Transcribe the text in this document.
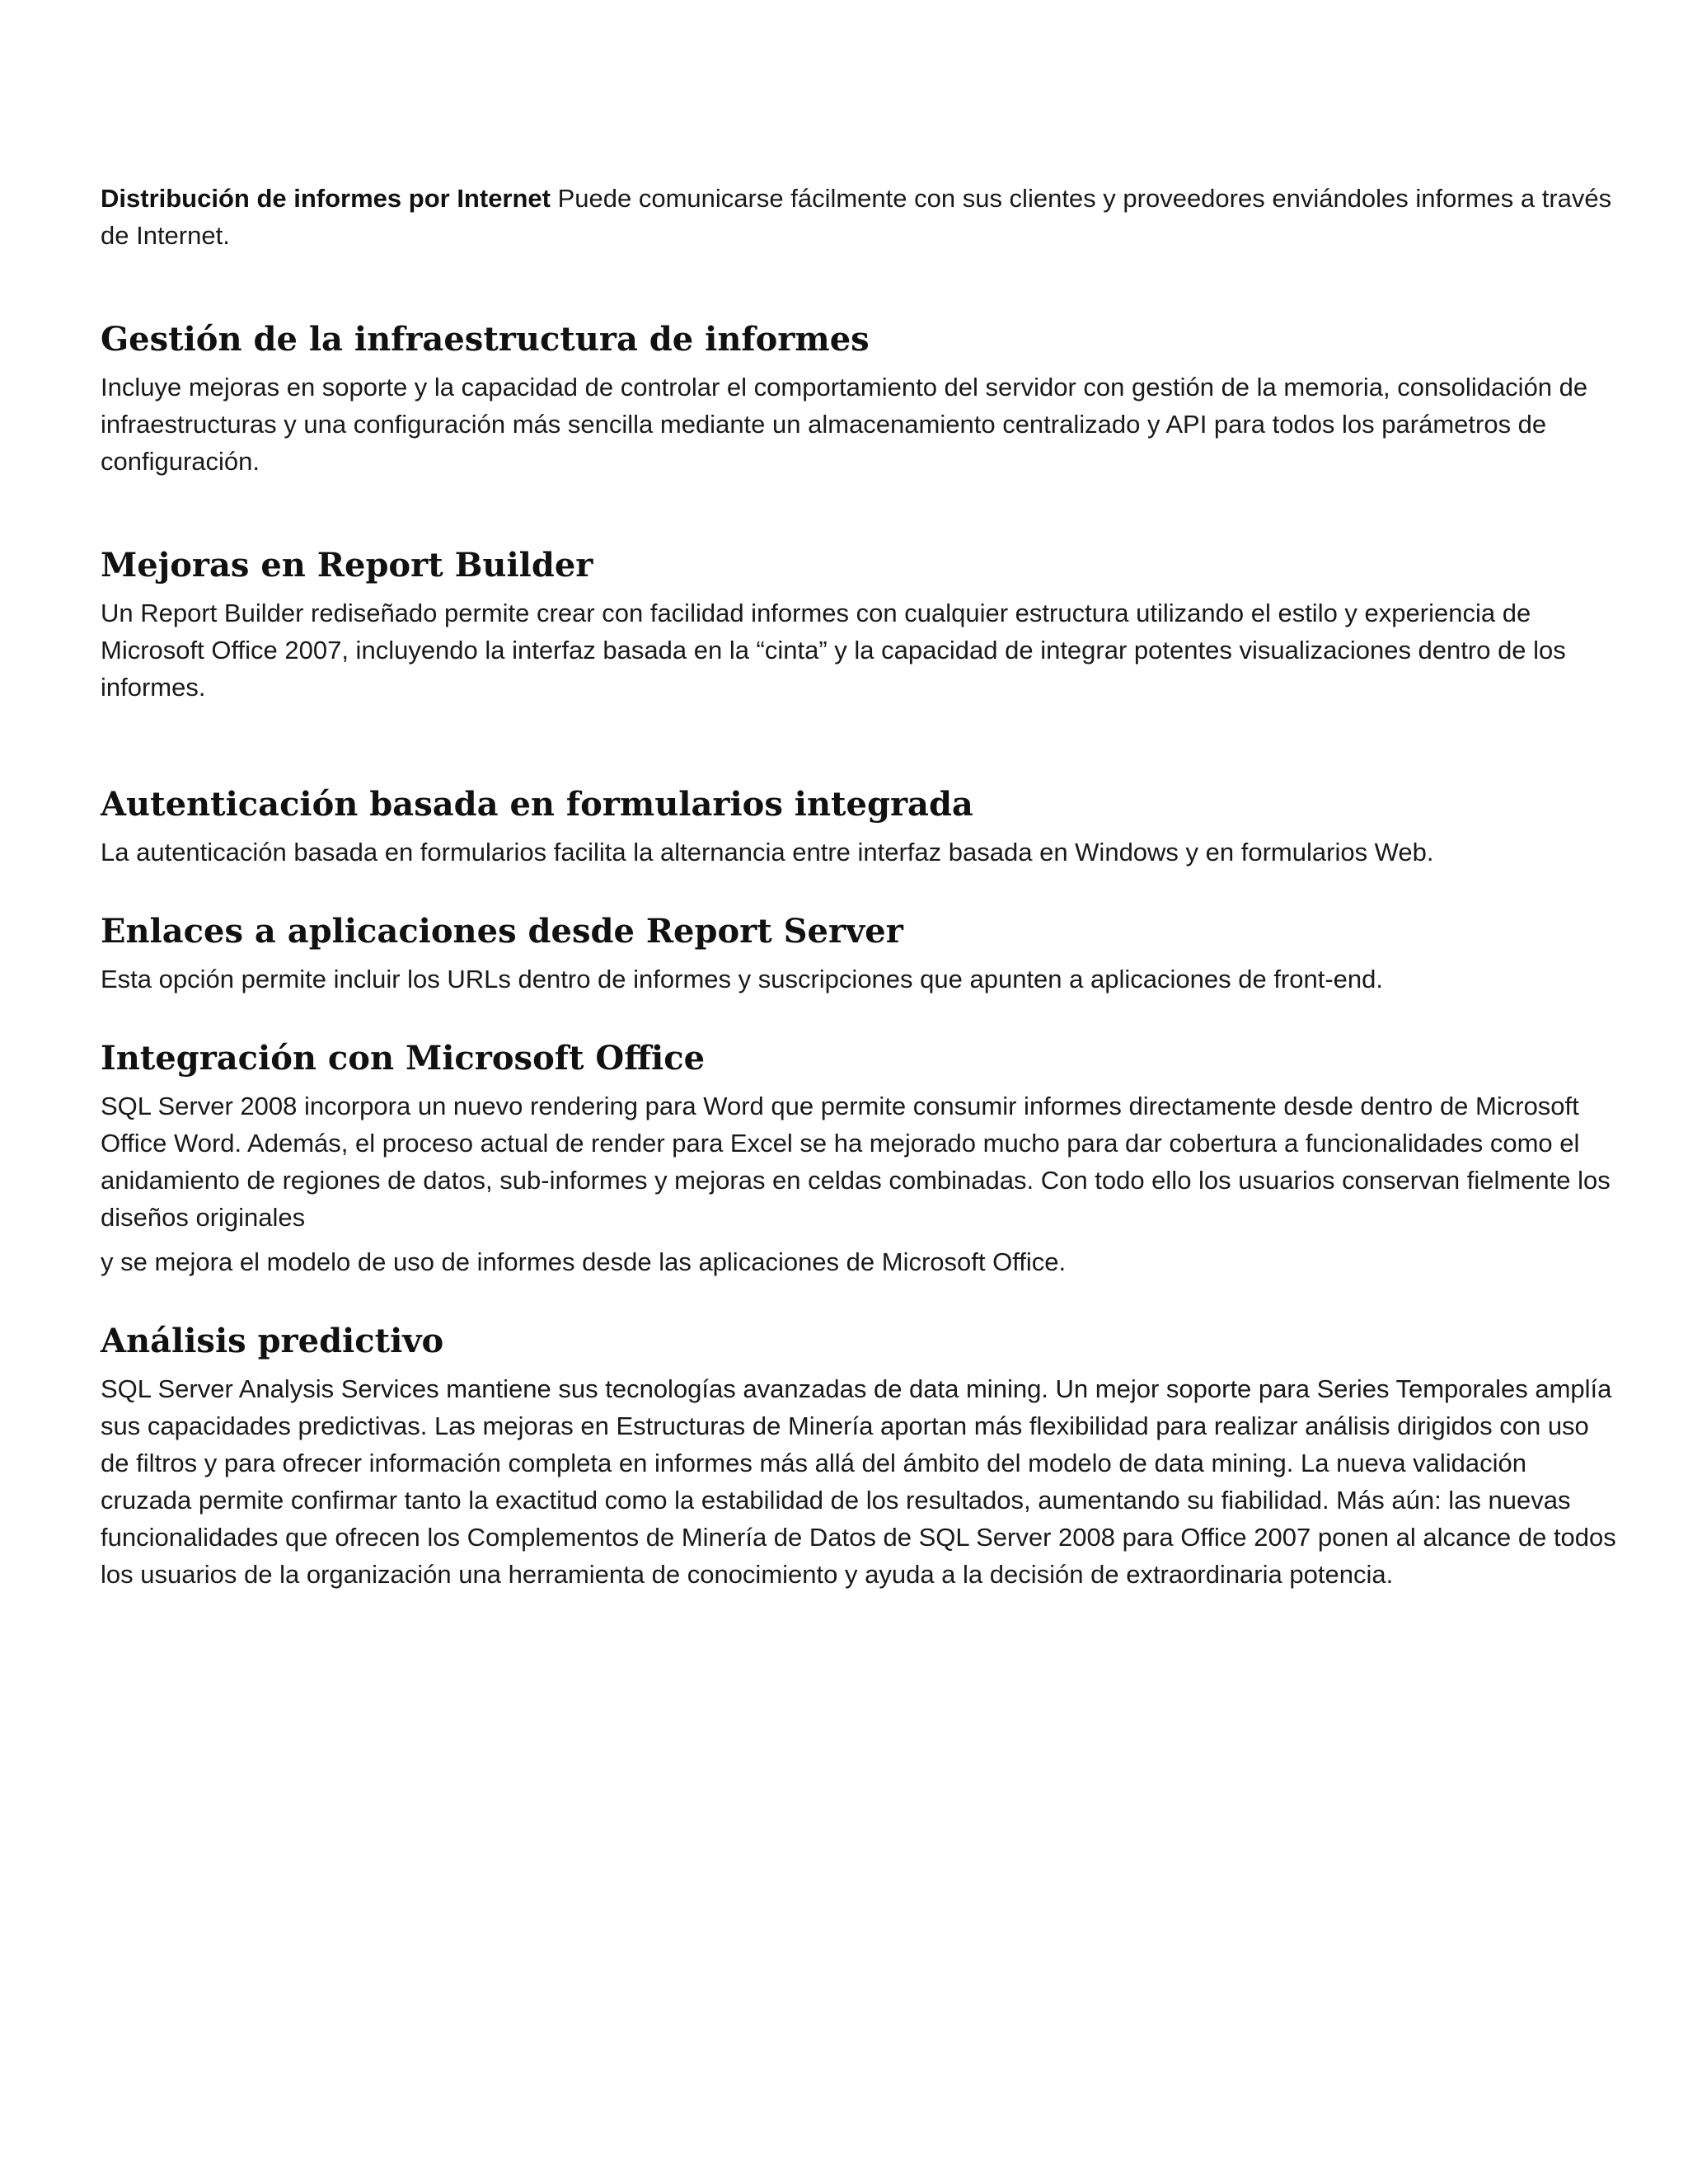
Distribución de informes por Internet Puede comunicarse fácilmente con sus clientes y proveedores enviándoles informes a través de Internet.

Gestión de la infraestructura de informes

Incluye mejoras en soporte y la capacidad de controlar el comportamiento del servidor con gestión de la memoria, consolidación de infraestructuras y una configuración más sencilla mediante un almacenamiento centralizado y API para todos los parámetros de configuración.

Mejoras en Report Builder

Un Report Builder rediseñado permite crear con facilidad informes con cualquier estructura utilizando el estilo y experiencia de Microsoft Office 2007, incluyendo la interfaz basada en la “cinta” y la capacidad de integrar potentes visualizaciones dentro de los informes.

Autenticación basada en formularios integrada

La autenticación basada en formularios facilita la alternancia entre interfaz basada en Windows y en formularios Web.

Enlaces a aplicaciones desde Report Server

Esta opción permite incluir los URLs dentro de informes y suscripciones que apunten a aplicaciones de front-end.

Integración con Microsoft Office

SQL Server 2008 incorpora un nuevo rendering para Word que permite consumir informes directamente desde dentro de Microsoft Office Word. Además, el proceso actual de render para Excel se ha mejorado mucho para dar cobertura a funcionalidades como el anidamiento de regiones de datos, sub-informes y mejoras en celdas combinadas. Con todo ello los usuarios conservan fielmente los diseños originales

y se mejora el modelo de uso de informes desde las aplicaciones de Microsoft Office.

Análisis predictivo

SQL Server Analysis Services mantiene sus tecnologías avanzadas de data mining. Un mejor soporte para Series Temporales amplía sus capacidades predictivas. Las mejoras en Estructuras de Minería aportan más flexibilidad para realizar análisis dirigidos con uso de filtros y para ofrecer información completa en informes más allá del ámbito del modelo de data mining. La nueva validación cruzada permite confirmar tanto la exactitud como la estabilidad de los resultados, aumentando su fiabilidad. Más aún: las nuevas funcionalidades que ofrecen los Complementos de Minería de Datos de SQL Server 2008 para Office 2007 ponen al alcance de todos los usuarios de la organización una herramienta de conocimiento y ayuda a la decisión de extraordinaria potencia.
